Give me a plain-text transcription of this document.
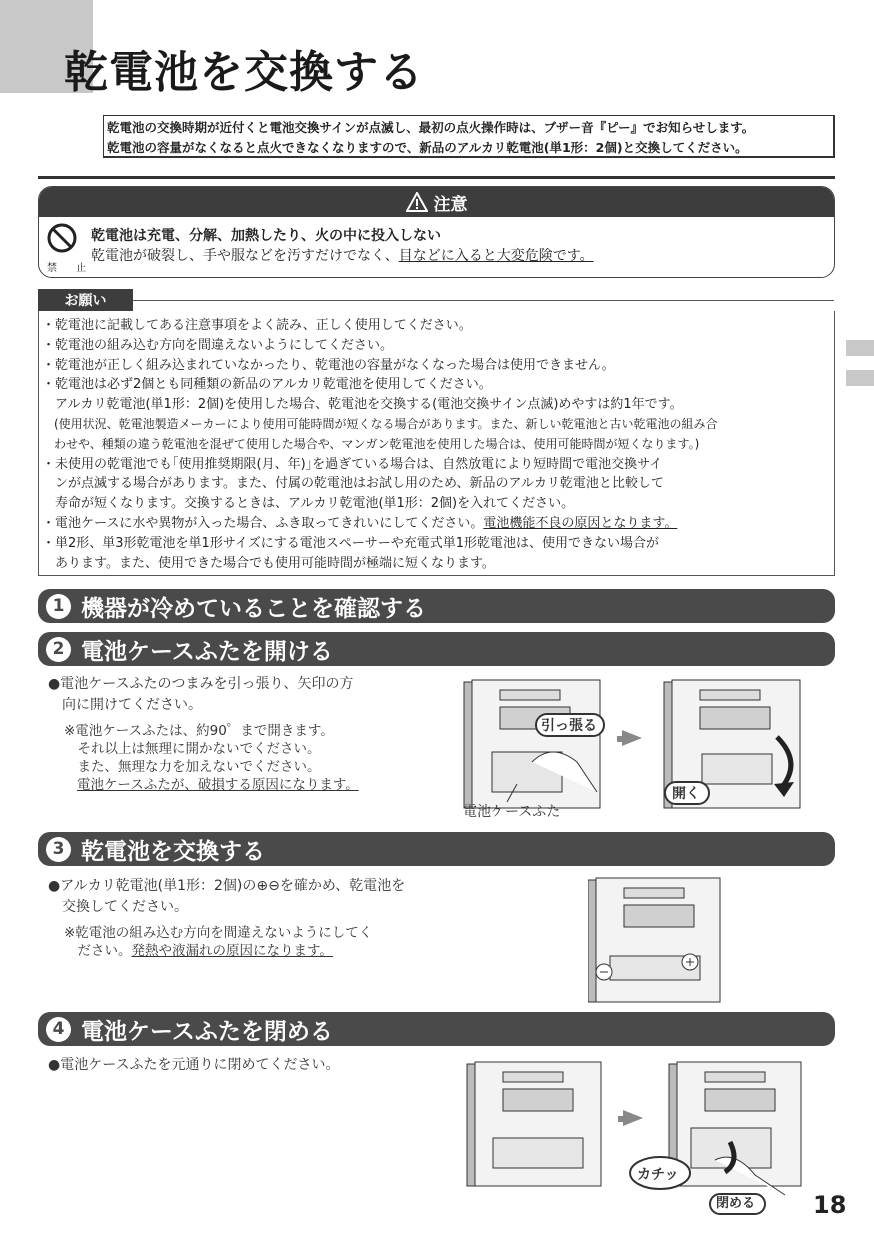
乾電池を交換する
乾電池の交換時期が近付くと電池交換サインが点滅し、最初の点火操作時は、ブザー音『ピー』でお知らせします。
乾電池の容量がなくなると点火できなくなりますので、新品のアルカリ乾電池(単1形：2個)と交換してください。
注意
禁 止
乾電池は充電、分解、加熱したり、火の中に投入しない
乾電池が破裂し、手や服などを汚すだけでなく、目などに入ると大変危険です。
お願い
・乾電池に記載してある注意事項をよく読み、正しく使用してください。
・乾電池の組み込む方向を間違えないようにしてください。
・乾電池が正しく組み込まれていなかったり、乾電池の容量がなくなった場合は使用できません。
・乾電池は必ず2個とも同種類の新品のアルカリ乾電池を使用してください。
　アルカリ乾電池(単1形：2個)を使用した場合、乾電池を交換する(電池交換サイン点滅)めやすは約1年です。
　(使用状況、乾電池製造メーカーにより使用可能時間が短くなる場合があります。また、新しい乾電池と古い乾電池の組み合
　わせや、種類の違う乾電池を混ぜて使用した場合や、マンガン乾電池を使用した場合は、使用可能時間が短くなります。)
・未使用の乾電池でも｢使用推奨期限(月、年)｣を過ぎている場合は、自然放電により短時間で電池交換サイ
　ンが点滅する場合があります。また、付属の乾電池はお試し用のため、新品のアルカリ乾電池と比較して
　寿命が短くなります。交換するときは、アルカリ乾電池(単1形：2個)を入れてください。
・電池ケースに水や異物が入った場合、ふき取ってきれいにしてください。電池機能不良の原因となります。
・単2形、単3形乾電池を単1形サイズにする電池スペーサーや充電式単1形乾電池は、使用できない場合が
　あります。また、使用できた場合でも使用可能時間が極端に短くなります。
1 機器が冷めていることを確認する
2 電池ケースふたを開ける
●電池ケースふたのつまみを引っ張り、矢印の方
　向に開けてください。
※電池ケースふたは、約90゜まで開きます。
　それ以上は無理に開かないでください。
　また、無理な力を加えないでください。
電池ケースふたが、破損する原因になります。
引っ張る
開く
電池ケースふた
3 乾電池を交換する
●アルカリ乾電池(単1形：2個)の⊕⊖を確かめ、乾電池を
　交換してください。
※乾電池の組み込む方向を間違えないようにしてく
　ださい。発熱や液漏れの原因になります。
4 電池ケースふたを閉める
●電池ケースふたを元通りに閉めてください。
カチッ
閉める 18
